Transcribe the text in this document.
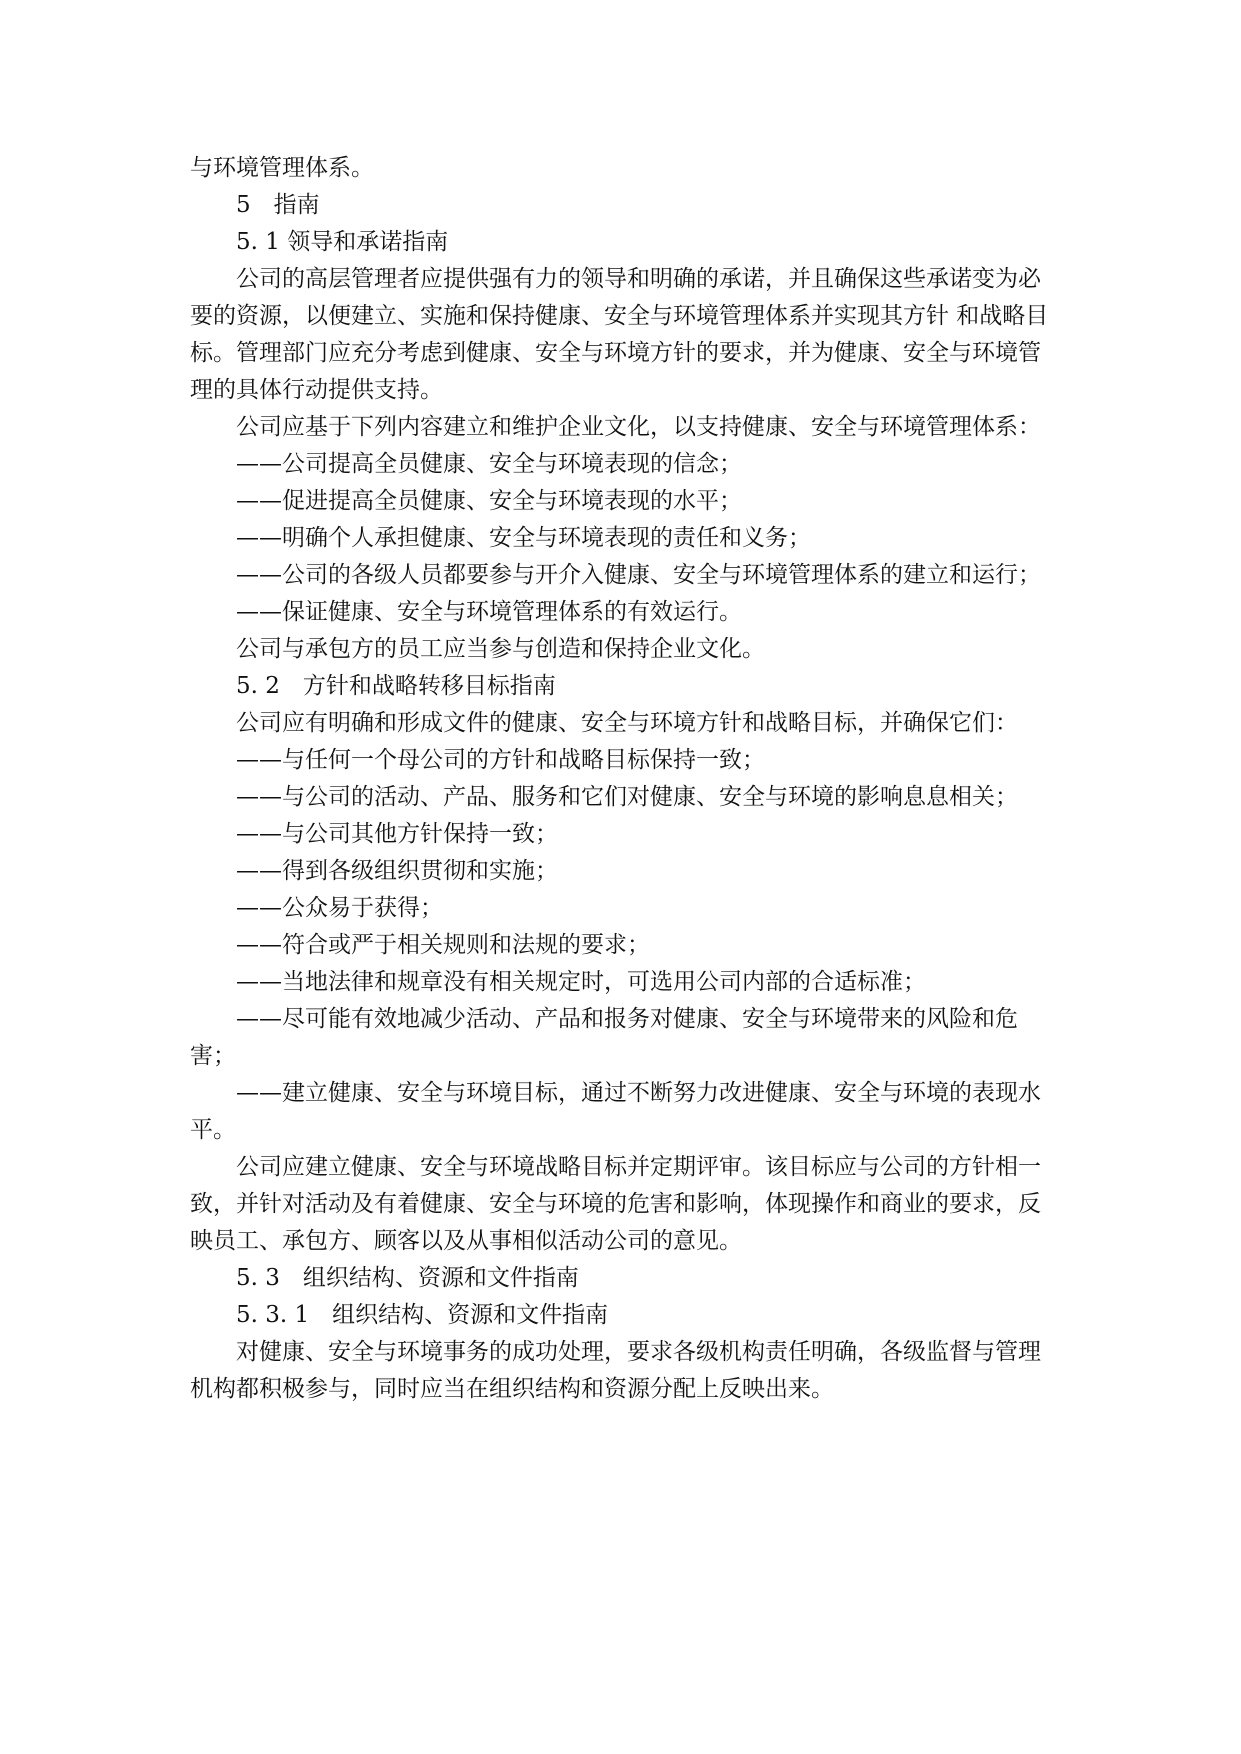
与环境管理体系。

5　指南

5. 1 领导和承诺指南

公司的高层管理者应提供强有力的领导和明确的承诺，并且确保这些承诺变为必要的资源，以便建立、实施和保持健康、安全与环境管理体系并实现其方针 和战略目标。管理部门应充分考虑到健康、安全与环境方针的要求，并为健康、安全与环境管理的具体行动提供支持。

公司应基于下列内容建立和维护企业文化，以支持健康、安全与环境管理体系：

——公司提高全员健康、安全与环境表现的信念；

——促进提高全员健康、安全与环境表现的水平；

——明确个人承担健康、安全与环境表现的责任和义务；

——公司的各级人员都要参与开介入健康、安全与环境管理体系的建立和运行；

——保证健康、安全与环境管理体系的有效运行。

公司与承包方的员工应当参与创造和保持企业文化。

5. 2　方针和战略转移目标指南

公司应有明确和形成文件的健康、安全与环境方针和战略目标，并确保它们：

——与任何一个母公司的方针和战略目标保持一致；

——与公司的活动、产品、服务和它们对健康、安全与环境的影响息息相关；

——与公司其他方针保持一致；

——得到各级组织贯彻和实施；

——公众易于获得；

——符合或严于相关规则和法规的要求；

——当地法律和规章没有相关规定时，可选用公司内部的合适标准；

——尽可能有效地减少活动、产品和报务对健康、安全与环境带来的风险和危害；

——建立健康、安全与环境目标，通过不断努力改进健康、安全与环境的表现水平。

公司应建立健康、安全与环境战略目标并定期评审。该目标应与公司的方针相一致，并针对活动及有着健康、安全与环境的危害和影响，体现操作和商业的要求，反映员工、承包方、顾客以及从事相似活动公司的意见。

5. 3　组织结构、资源和文件指南

5. 3. 1　组织结构、资源和文件指南

对健康、安全与环境事务的成功处理，要求各级机构责任明确，各级监督与管理机构都积极参与，同时应当在组织结构和资源分配上反映出来。
